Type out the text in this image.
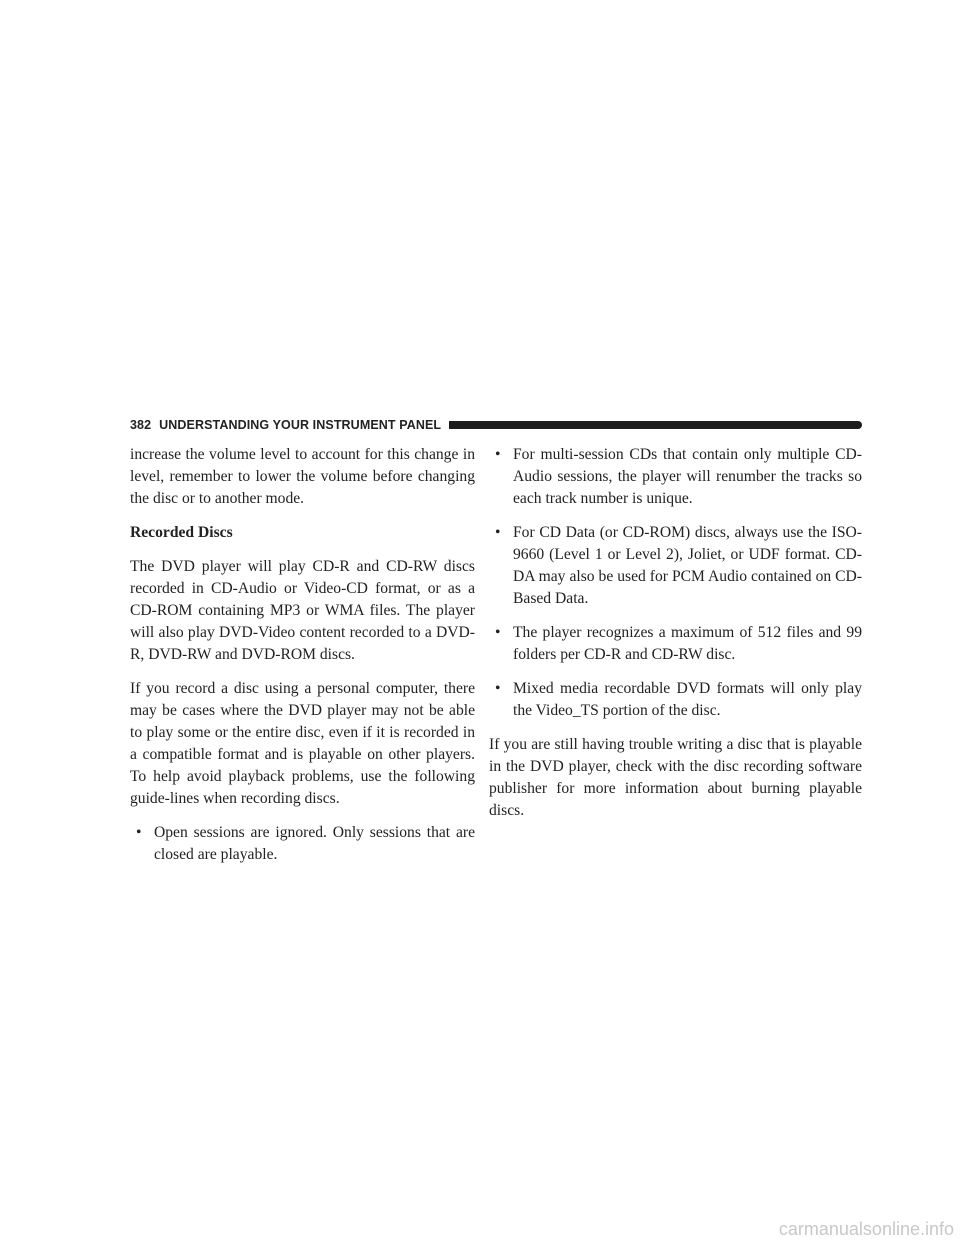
382 UNDERSTANDING YOUR INSTRUMENT PANEL

increase the volume level to account for this change in level, remember to lower the volume before changing the disc or to another mode.

Recorded Discs

The DVD player will play CD-R and CD-RW discs recorded in CD-Audio or Video-CD format, or as a CD-ROM containing MP3 or WMA files. The player will also play DVD-Video content recorded to a DVD-R, DVD-RW and DVD-ROM discs.

If you record a disc using a personal computer, there may be cases where the DVD player may not be able to play some or the entire disc, even if it is recorded in a compatible format and is playable on other players. To help avoid playback problems, use the following guide-lines when recording discs.

• Open sessions are ignored. Only sessions that are closed are playable.
• For multi-session CDs that contain only multiple CD-Audio sessions, the player will renumber the tracks so each track number is unique.
• For CD Data (or CD-ROM) discs, always use the ISO-9660 (Level 1 or Level 2), Joliet, or UDF format. CD-DA may also be used for PCM Audio contained on CD-Based Data.
• The player recognizes a maximum of 512 files and 99 folders per CD-R and CD-RW disc.
• Mixed media recordable DVD formats will only play the Video_TS portion of the disc.

If you are still having trouble writing a disc that is playable in the DVD player, check with the disc recording software publisher for more information about burning playable discs.

carmanualsonline.info
